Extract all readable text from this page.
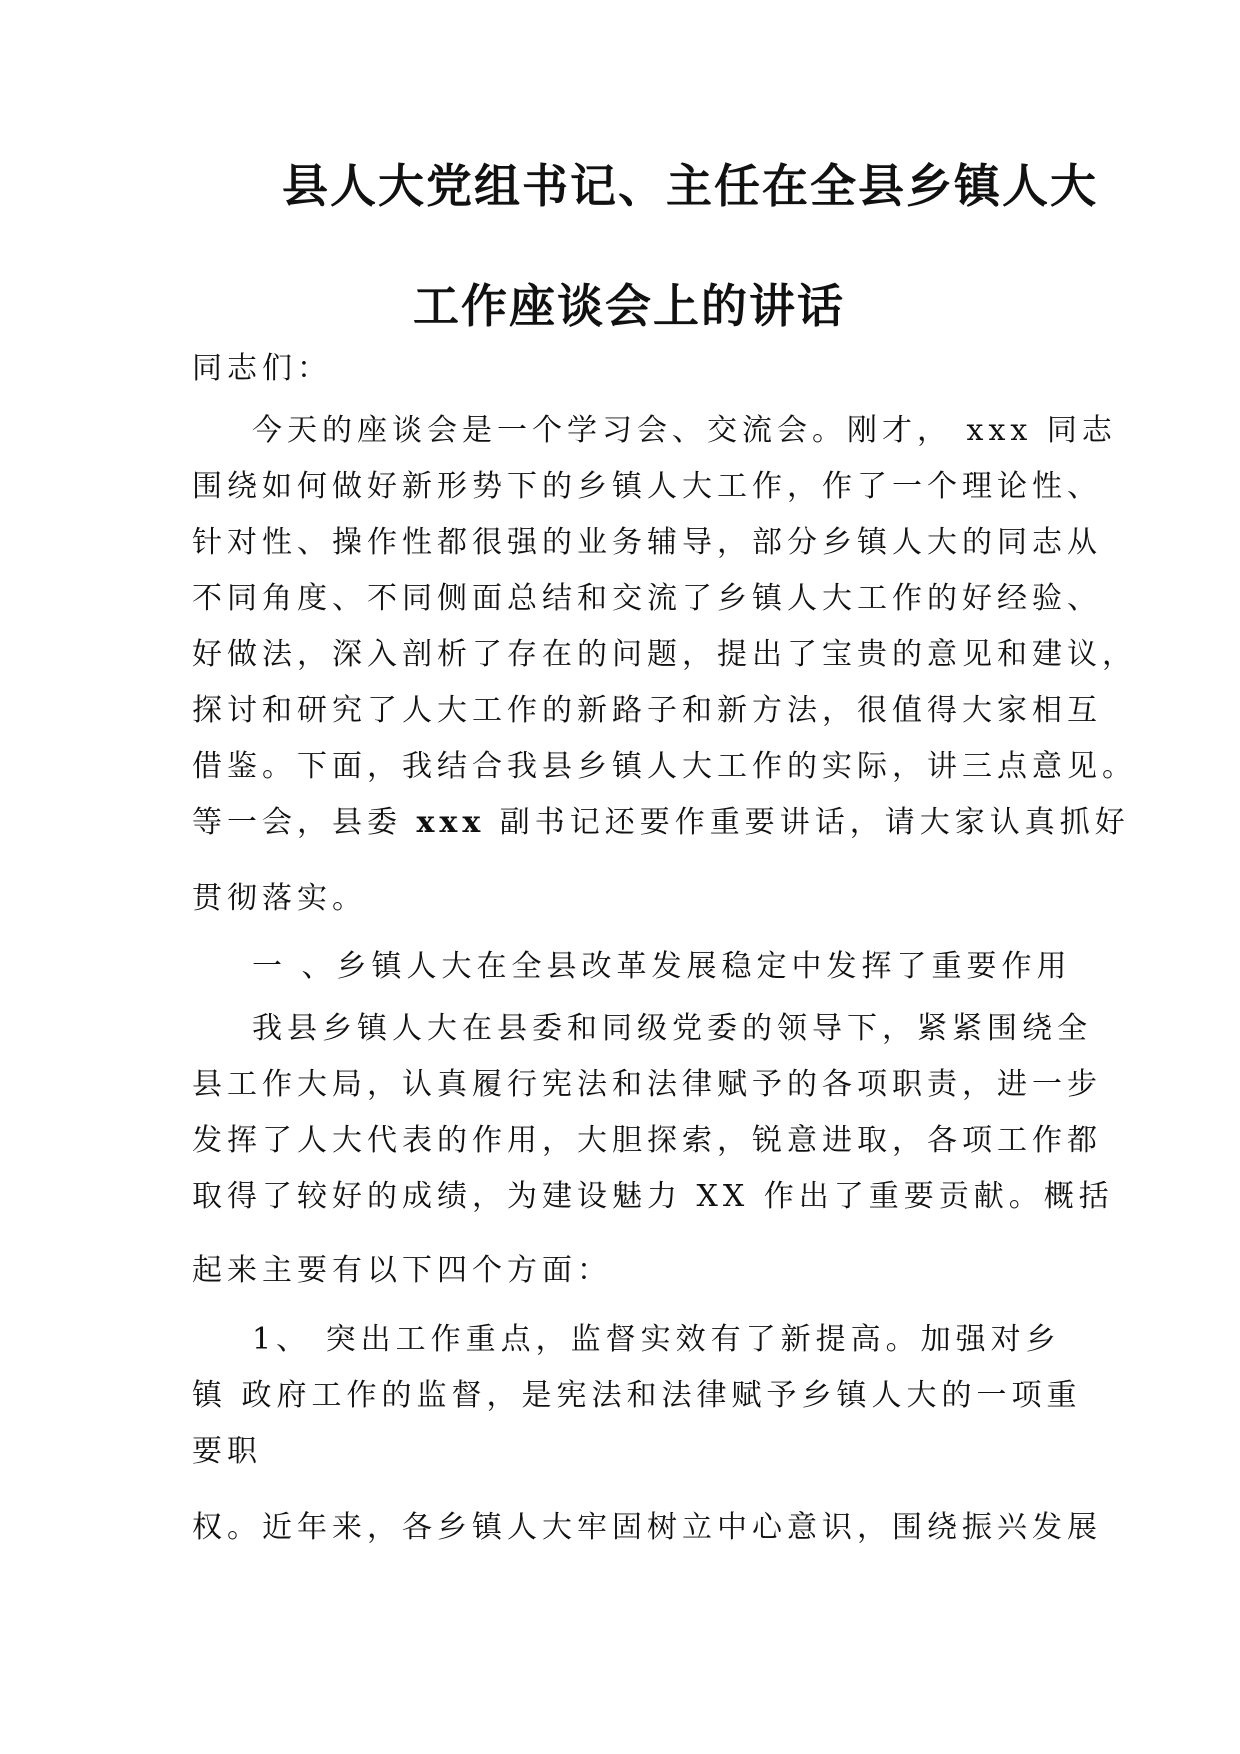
县人大党组书记、主任在全县乡镇人大
工作座谈会上的讲话
同志们：
今天的座谈会是一个学习会、交流会。刚才， xxx 同志
围绕如何做好新形势下的乡镇人大工作，作了一个理论性、
针对性、操作性都很强的业务辅导，部分乡镇人大的同志从
不同角度、不同侧面总结和交流了乡镇人大工作的好经验、
好做法，深入剖析了存在的问题，提出了宝贵的意见和建议，
探讨和研究了人大工作的新路子和新方法，很值得大家相互
借鉴。下面，我结合我县乡镇人大工作的实际，讲三点意见。
等一会，县委 xxx 副书记还要作重要讲话，请大家认真抓好
贯彻落实。
一 、乡镇人大在全县改革发展稳定中发挥了重要作用
我县乡镇人大在县委和同级党委的领导下，紧紧围绕全
县工作大局，认真履行宪法和法律赋予的各项职责，进一步
发挥了人大代表的作用，大胆探索，锐意进取，各项工作都
取得了较好的成绩，为建设魅力 XX 作出了重要贡献。概括
起来主要有以下四个方面：
1、 突出工作重点，监督实效有了新提高。加强对乡
镇 政府工作的监督，是宪法和法律赋予乡镇人大的一项重
要职
权。近年来，各乡镇人大牢固树立中心意识，围绕振兴发展
